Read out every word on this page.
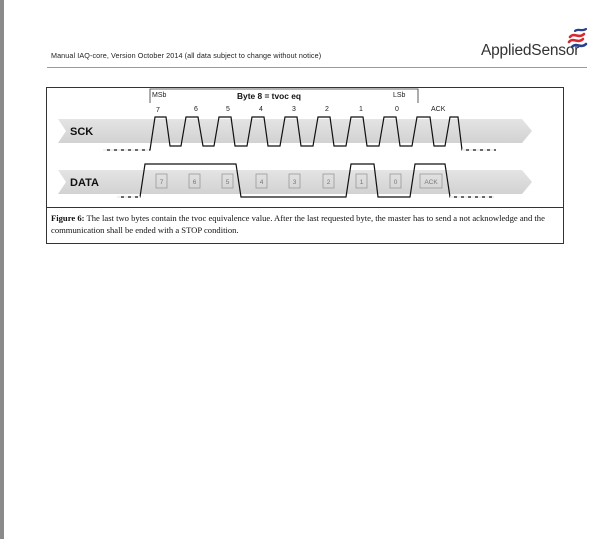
Manual IAQ-core, Version October 2014 (all data subject to change without notice)	AppliedSensor
SCK
DATA
MSb	Byte 8 = tvoc eq	LSb
7	6	5	4	3	2	1	0	ACK
7	6	5	4	3	2	1	0	ACK
Figure 6: The last two bytes contain the tvoc equivalence value. After the last requested byte, the master has to send a not acknowledge and the communication shall be ended with a STOP condition.
